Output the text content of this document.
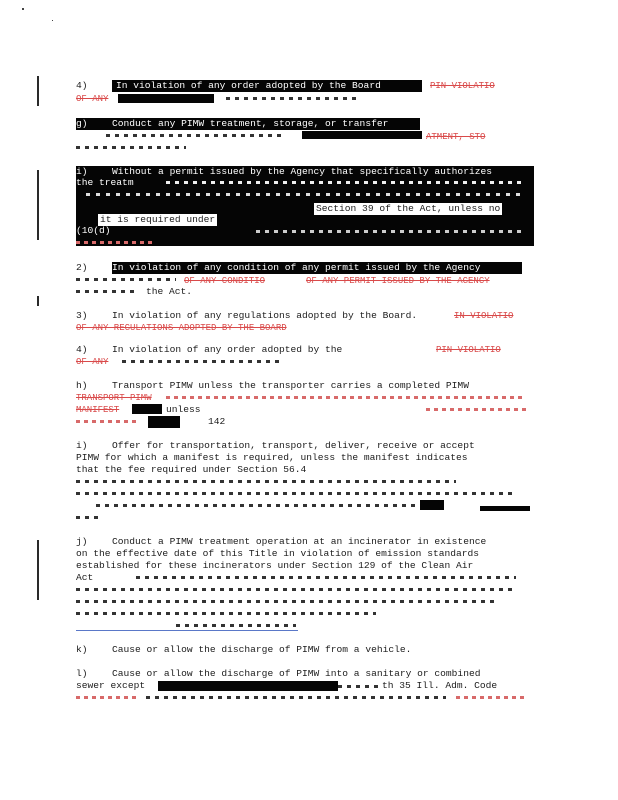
4)	In violation of any order adopted by the Board	PIN VIOLATIO
OF ANY
g)	Conduct any PIMW treatment, storage, or transfer
ATMENT, STO
i)	Without a permit issued by the Agency that specifically authorizes
the treatm
Section 39 of the Act, unless no
it is required under
(10(d)
2)	In violation of any condition of any permit issued by the Agency
OF ANY CONDITIO	OF ANY PERMIT ISSUED BY THE AGENCY
the Act.
3)	In violation of any regulations adopted by the Board.	IN VIOLATIO
OF ANY REGULATIONS ADOPTED BY THE BOARD
4)	In violation of any order adopted by the	PIN VIOLATIO
OF ANY
h)	Transport PIMW unless the transporter carries a completed PIMW
TRANSPORT PIMW
MANIFEST	unless
142
i)	Offer for transportation, transport, deliver, receive or accept
PIMW for which a manifest is required, unless the manifest indicates
that the fee required under Section 56.4
j)	Conduct a PIMW treatment operation at an incinerator in existence
on the effective date of this Title in violation of emission standards
established for these incinerators under Section 129 of the Clean Air
Act
k)	Cause or allow the discharge of PIMW from a vehicle.
l)	Cause or allow the discharge of PIMW into a sanitary or combined
sewer except	th 35 Ill. Adm. Code
